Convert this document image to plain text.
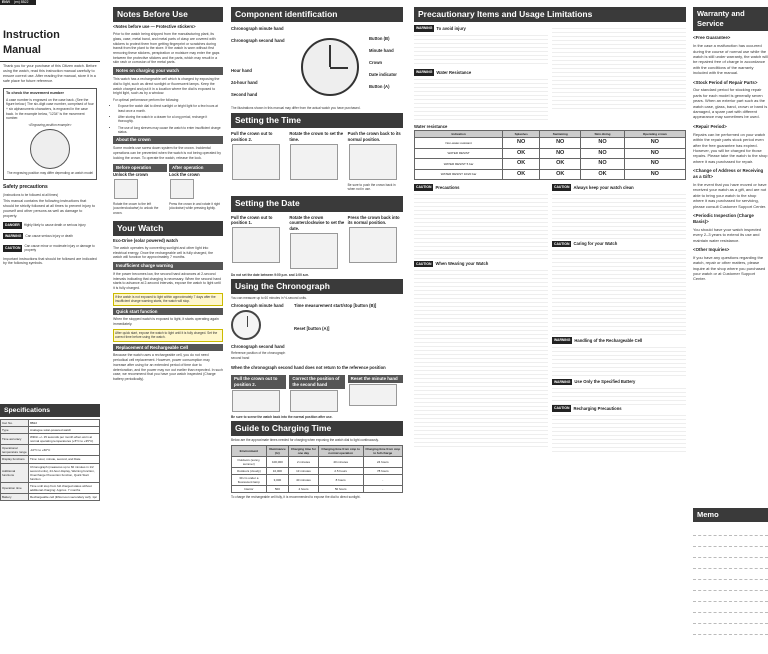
ENVI (en) 8B22
Instruction Manual
Thank you for your purchase of this Citizen watch. Before using the watch, read this instruction manual carefully to ensure correct use. After reading the manual, store it in a safe place for future reference.
To check the movement number
A case number is engraved on the case back. (See the figure below.) The six-digit case number, comprised of four + six alphanumeric characters, is engraved in the case back. In the example below, "1234" is the movement number.
<Engraving position example>
The engraving position may differ depending on watch model
Safety precautions
(Instructions to be followed at all times)
This manual contains the following instructions that should be strictly followed at all times to prevent injury to yourself and other persons as well as damage to property.
DANGER	Highly likely to cause death or serious injury
WARNING	Can cause serious injury or death
CAUTION
Can cause minor or moderate injury or damage to property
Important instructions that should be followed are indicated by the following symbols.
Specifications
Cal. No.	8B22
Type	Analogue solar-powered watch
Time accuracy	Within +/- 15 seconds per month when worn at normal operating temperatures (+5°C to +35°C)
Operational temperature range	-10°C to +60°C
Display functions	Time: Hour, minute, second, and Date
Additional functions	Chronograph (measures up to 60 minutes in 1/2 second units), 24-hour display, Warning function, Overcharge Prevention function, Quick Start function
Operation time	Time until stop from full charged status without additional charging: Approx. 7 months
Battery	Rechargeable cell (lithium-ion secondary cell), 1pc
Notes Before Use
<Notes before use — Protective stickers>
Prior to the watch being shipped from the manufacturing plant, its glass, case, metal band, and metal parts of clasp are covered with stickers to protect them from getting fingerprint or scratches during transit from the plant to the store. If the watch is worn without first removing these stickers, perspiration or moisture may enter the gaps between the protective stickers and the parts, which may result in a skin rash or corrosion of the metal parts.
Notes on charging your watch
This watch has a rechargeable cell which is charged by exposing the dial to light, such as direct sunlight or fluorescent lamps. Keep the watch charged and put it in a location where the dial is exposed to bright light, such as by a window.
For optimal performance perform the following:
• Expose the watch dial to direct sunlight or bright light for a few hours at least once a month.
• After storing the watch in a drawer for a long period, recharge it thoroughly.
• The use of long sleeves may cause the watch to enter insufficient charge status.
About the crown
Some models use screw down system for the crown. Incidental operations can be prevented when the watch is not being operated by locking the crown. To operate the watch, release the lock.
Before operation
Unlock the crown
Rotate the crown to the left (counterclockwise) to unlock the crown.
After operation
Lock the crown
Press the crown in and rotate it right (clockwise) while pressing lightly.
Your Watch
Eco-Drive (solar powered) watch
The watch operates by converting sunlight and other light into electrical energy. Once the rechargeable cell is fully charged, the watch will function for approximately 7 months.
Insufficient charge warning
If the power becomes low, the second hand advances at 2-second intervals indicating that charging is necessary. When the second hand starts to advance at 2-second intervals, expose the watch to light until it is fully charged.
If the watch is not exposed to light within approximately 7 days after the insufficient charge warning starts, the watch will stop.
Quick start function
When the stopped watch is exposed to light, it starts operating again immediately.
After quick start, expose the watch to light until it is fully charged. Set the correct time before using the watch.
Replacement of Rechargeable Cell
Because the watch uses a rechargeable cell, you do not need periodical cell replacement. However, power consumption may increase after using for an extended period of time due to deterioration, and the power may run out earlier than expected. In such case, we recommend that you have your watch inspected (Charge battery periodically).
Component identification
Chronograph minute hand
Chronograph second hand
Hour hand
24-hour hand
Second hand
Button (B)
Minute hand
Crown
Date indicator
Button (A)
The illustrations shown in this manual may differ from the actual watch you have purchased.
Setting the Time
Pull the crown out to position 2.
Rotate the crown to set the time.
Push the crown back to its normal position.
Be sure to push the crown back in when not in use.
Setting the Date
Pull the crown out to position 1.
Rotate the crown counterclockwise to set the date.
Press the crown back into its normal position.
Do not set the date between 9:00 p.m. and 1:00 a.m.
Using the Chronograph
You can measure up to 60 minutes in ½-second units.
Chronograph minute hand
Chronograph second hand
Reference position of the chronograph second hand
Time measurement start/stop [button (B)]
Reset [button (A)]
When the chronograph second hand does not return to the reference position
Pull the crown out to position 2.
Correct the position of the second hand
Reset the minute hand
Be sure to screw the watch back into the normal position after use.
Guide to Charging Time
Below are the approximate times needed for charging when exposing the watch dial to light continuously.
Environment	Illuminance (lx)	Charging time for one day	Charging time from stop to normal operation	Charging time from stop to full charge
Outdoors (sunny, summer)	100,000	2 minutes	40 minutes	24 hours
Outdoors (cloudy)	10,000	13 minutes	2.5 hours	78 hours
30 cm under a fluorescent lamp	3,000	40 minutes	8 hours	-
Interior	500	4 hours	50 hours	-
To charge the rechargeable cell fully, it is recommended to expose the dial to direct sunlight.
Precautionary Items and Usage Limitations
WARNING To avoid injury
WARNING Water Resistance
Water resistance
Indication	Splashes	Swimming	Skin diving	Operating crown
Non-water-resistant	NO	NO	NO	NO
WATER RESIST	OK	NO	NO	NO
WATER RESIST 5 bar	OK	OK	NO	NO
WATER RESIST 10/20 bar	OK	OK	OK	NO
CAUTION Precautions
CAUTION When Wearing your Watch
CAUTION Always keep your watch clean
CAUTION Caring for your Watch
WARNING Handling of the Rechargeable Cell
WARNING Use Only the Specified Battery
CAUTION Recharging Precautions
Warranty and Service
<Free Guarantee>
In the case a malfunction has occurred during the course of normal use while the watch is still under warranty, the watch will be repaired free of charge in accordance with the conditions of the warranty included with the manual.
<Stock Period of Repair Parts>
Our standard period for stocking repair parts for each model is generally seven years. When an exterior part such as the watch case, glass, band, crown or band is damaged, a spare part with different appearance may sometimes be used.
<Repair Period>
Repairs can be performed on your watch within the repair parts stock period even after the free guarantee has expired. However, you will be charged for those repairs. Please take the watch to the shop where it was purchased for repair.
<Change of Address or Receiving as a Gift>
In the event that you have moved or have received your watch as a gift, and are not able to bring your watch to the shop where it was purchased for servicing, please consult Customer Support Center.
<Periodic Inspection (Charge Basis)>
You should have your watch inspected every 2–3 years to extend its use and maintain water resistance.
<Other Inquiries>
If you have any questions regarding the watch, repair or other matters, please inquire at the shop where you purchased your watch or at Customer Support Center.
Memo
